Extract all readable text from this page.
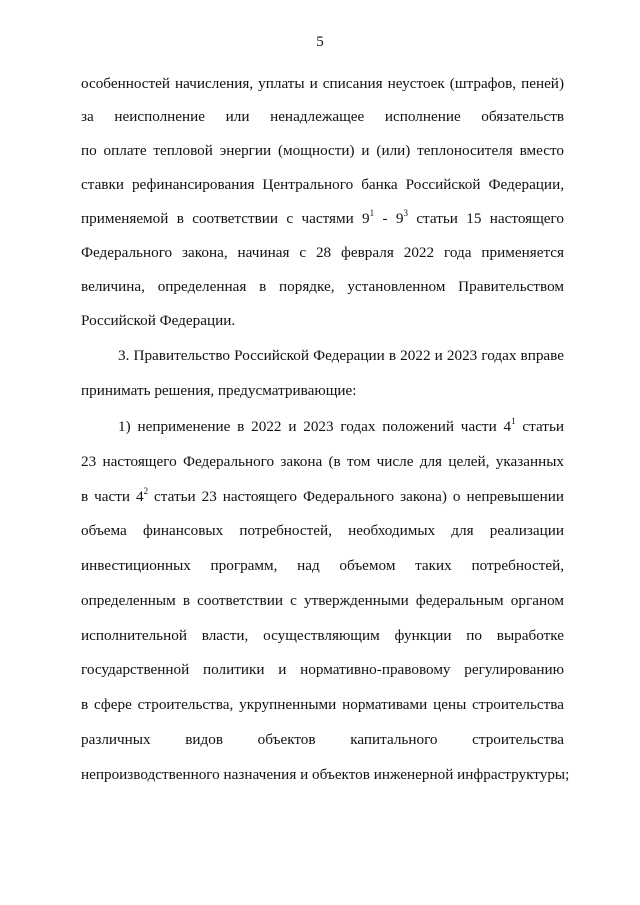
5
особенностей начисления, уплаты и списания неустоек (штрафов, пеней)
за неисполнение или ненадлежащее исполнение обязательств
по оплате тепловой энергии (мощности) и (или) теплоносителя вместо
ставки рефинансирования Центрального банка Российской Федерации,
применяемой в соответствии с частями $9^1 - 9^3$ статьи 15 настоящего
Федерального закона, начиная с 28 февраля 2022 года применяется
величина, определенная в порядке, установленном Правительством
Российской Федерации.
3. Правительство Российской Федерации в 2022 и 2023 годах вправе
принимать решения, предусматривающие:
1) неприменение в 2022 и 2023 годах положений части $4^1$ статьи
23 настоящего Федерального закона (в том числе для целей, указанных
в части $4^2$ статьи 23 настоящего Федерального закона) о непревышении
объема финансовых потребностей, необходимых для реализации
инвестиционных программ, над объемом таких потребностей,
определенным в соответствии с утвержденными федеральным органом
исполнительной власти, осуществляющим функции по выработке
государственной политики и нормативно-правовому регулированию
в сфере строительства, укрупненными нормативами цены строительства
различных видов объектов капитального строительства
непроизводственного назначения и объектов инженерной инфраструктуры;
